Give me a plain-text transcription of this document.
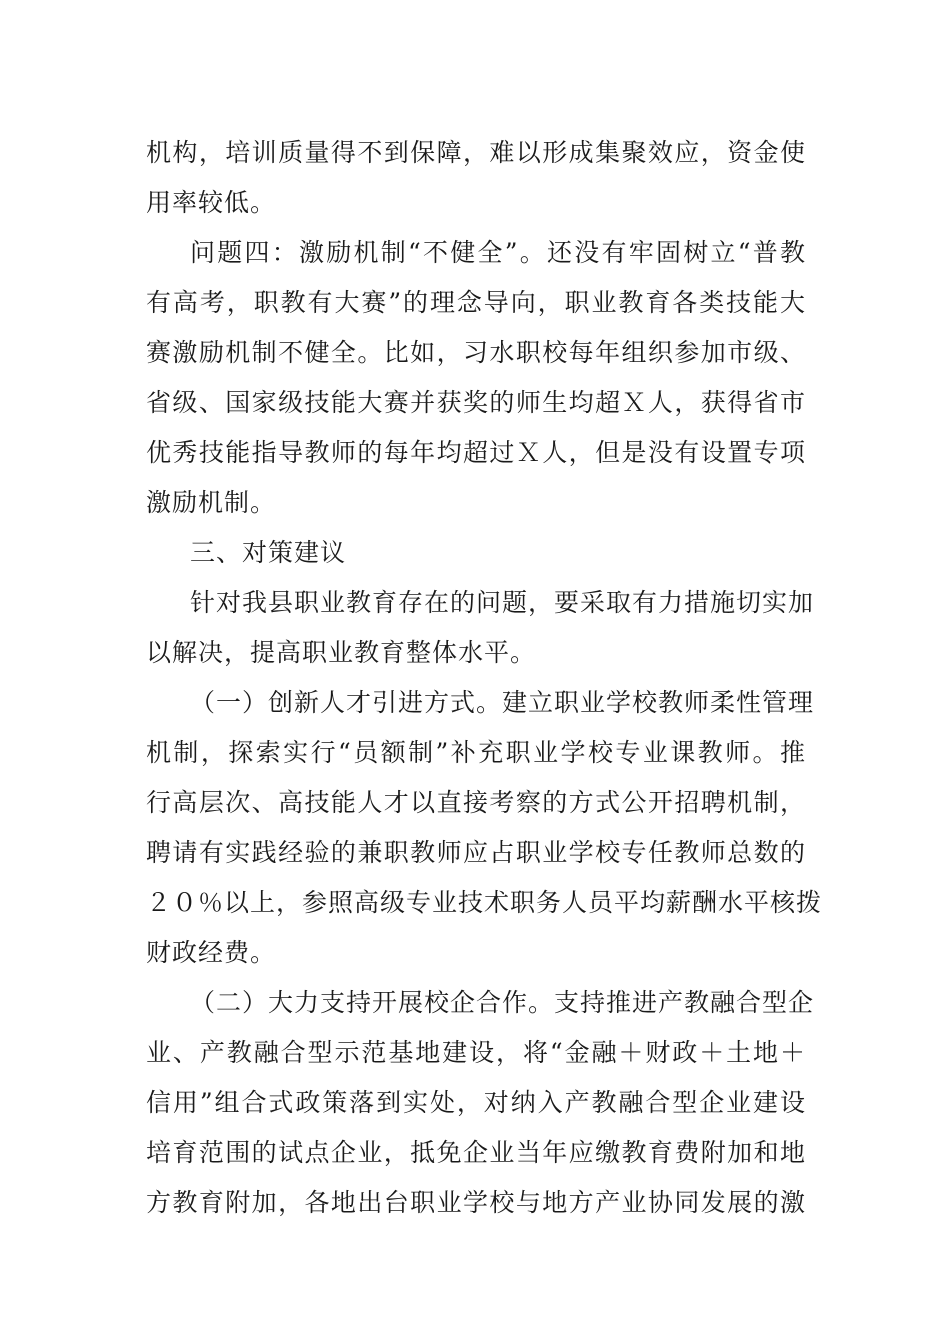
机构，培训质量得不到保障，难以形成集聚效应，资金使
用率较低。
问题四：激励机制“不健全”。还没有牢固树立“普教
有高考，职教有大赛”的理念导向，职业教育各类技能大
赛激励机制不健全。比如，习水职校每年组织参加市级、
省级、国家级技能大赛并获奖的师生均超Ｘ人，获得省市
优秀技能指导教师的每年均超过Ｘ人，但是没有设置专项
激励机制。
三、对策建议
针对我县职业教育存在的问题，要采取有力措施切实加
以解决，提高职业教育整体水平。
（一）创新人才引进方式。建立职业学校教师柔性管理
机制，探索实行“员额制”补充职业学校专业课教师。推
行高层次、高技能人才以直接考察的方式公开招聘机制，
聘请有实践经验的兼职教师应占职业学校专任教师总数的
２０％以上，参照高级专业技术职务人员平均薪酬水平核拨
财政经费。
（二）大力支持开展校企合作。支持推进产教融合型企
业、产教融合型示范基地建设，将“金融＋财政＋土地＋
信用”组合式政策落到实处，对纳入产教融合型企业建设
培育范围的试点企业，抵免企业当年应缴教育费附加和地
方教育附加，各地出台职业学校与地方产业协同发展的激
